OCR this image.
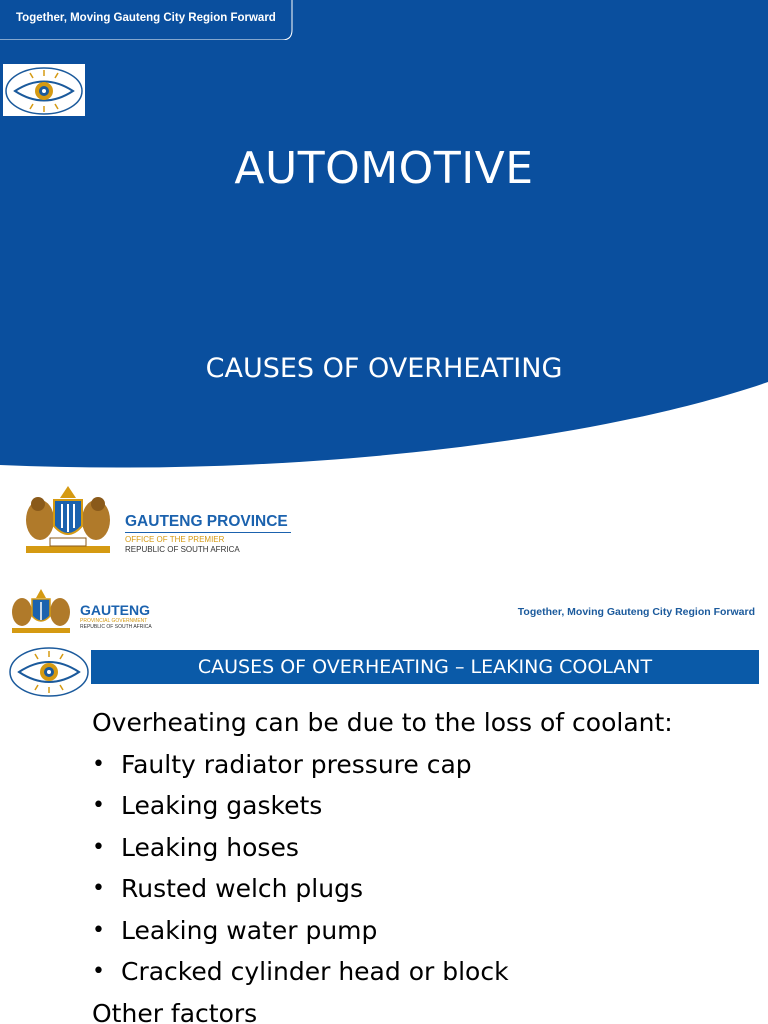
Together, Moving Gauteng City Region Forward
AUTOMOTIVE
CAUSES OF OVERHEATING
GAUTENG PROVINCE
OFFICE OF THE PREMIER
REPUBLIC OF SOUTH AFRICA
GAUTENG
PROVINCIAL GOVERNMENT
REPUBLIC OF SOUTH AFRICA
Together, Moving Gauteng City Region Forward
CAUSES OF OVERHEATING – LEAKING COOLANT
Overheating can be due to the loss of coolant:
• Faulty radiator pressure cap
• Leaking gaskets
• Leaking hoses
• Rusted welch plugs
• Leaking water pump
• Cracked cylinder head or block
Other factors
